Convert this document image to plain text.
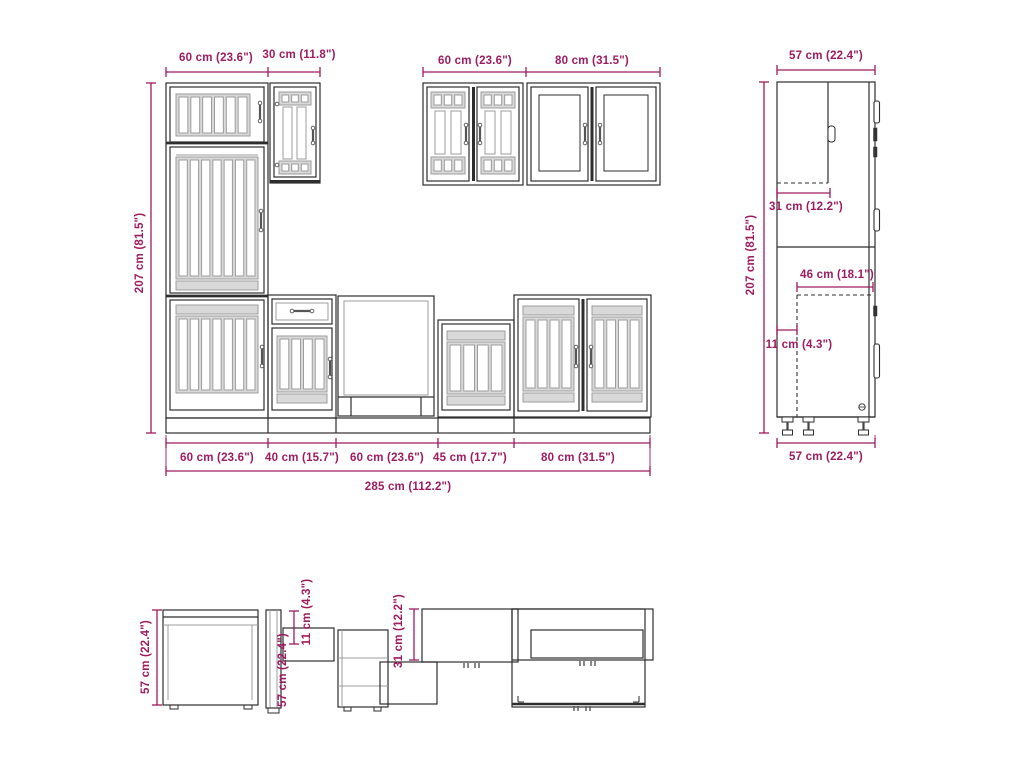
60 cm (23.6") 30 cm (11.8")	60 cm (23.6")	80 cm (31.5")
207 cm (81.5")
60 cm (23.6") 40 cm (15.7") 60 cm (23.6") 45 cm (17.7")	80 cm (31.5")
285 cm (112.2")
57 cm (22.4")
207 cm (81.5")
31 cm (12.2")
46 cm (18.1")
11 cm (4.3")
57 cm (22.4")
57 cm (22.4")	57 cm (22.4")
11 cm (4.3")	31 cm (12.2")
